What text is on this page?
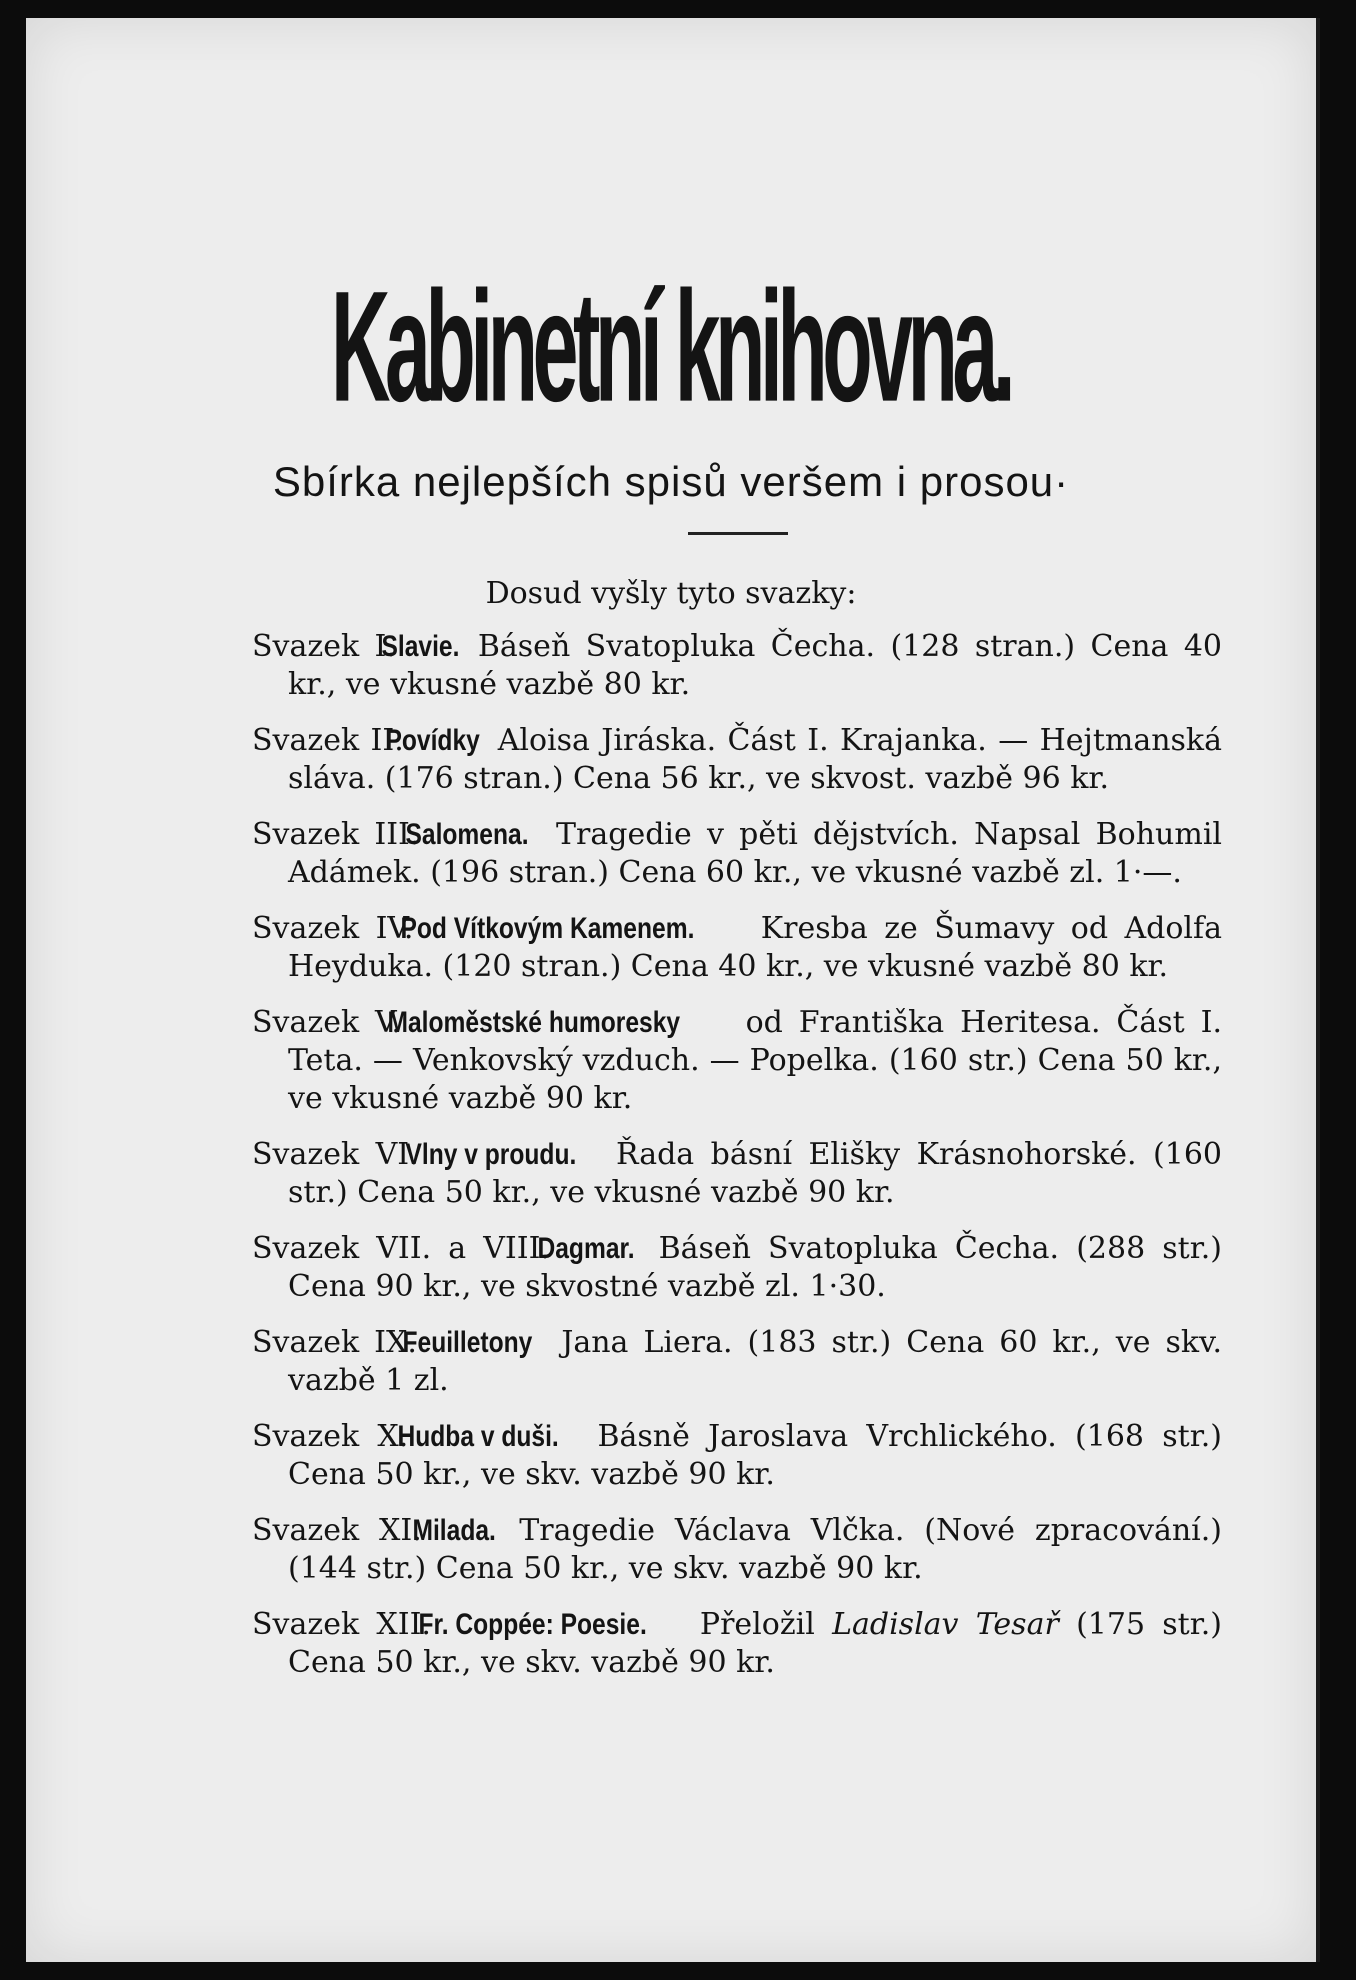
Kabinetní knihovna.
Sbírka nejlepších spisů veršem i prosou·
Dosud vyšly tyto svazky:
Svazek I. Slavie. Báseň Svatopluka Čecha. (128 stran.) Cena 40 kr., ve vkusné vazbě 80 kr.
Svazek II. Povídky Aloisa Jiráska. Část I. Krajanka. — Hejtmanská sláva. (176 stran.) Cena 56 kr., ve skvost. vazbě 96 kr.
Svazek III. Salomena. Tragedie v pěti dějstvích. Napsal Bohumil Adámek. (196 stran.) Cena 60 kr., ve vkusné vazbě zl. 1·—.
Svazek IV. Pod Vítkovým Kamenem. Kresba ze Šumavy od Adolfa Heyduka. (120 stran.) Cena 40 kr., ve vkusné vazbě 80 kr.
Svazek V. Maloměstské humoresky od Františka Heritesa. Část I. Teta. — Venkovský vzduch. — Popelka. (160 str.) Cena 50 kr., ve vkusné vazbě 90 kr.
Svazek VI. Vlny v proudu. Řada básní Elišky Krásnohorské. (160 str.) Cena 50 kr., ve vkusné vazbě 90 kr.
Svazek VII. a VIII. Dagmar. Báseň Svatopluka Čecha. (288 str.) Cena 90 kr., ve skvostné vazbě zl. 1·30.
Svazek IX. Feuilletony Jana Liera. (183 str.) Cena 60 kr., ve skv. vazbě 1 zl.
Svazek X. Hudba v duši. Básně Jaroslava Vrchlického. (168 str.) Cena 50 kr., ve skv. vazbě 90 kr.
Svazek XI. Milada. Tragedie Václava Vlčka. (Nové zpracování.) (144 str.) Cena 50 kr., ve skv. vazbě 90 kr.
Svazek XII. Fr. Coppée: Poesie. Přeložil Ladislav Tesař (175 str.) Cena 50 kr., ve skv. vazbě 90 kr.
